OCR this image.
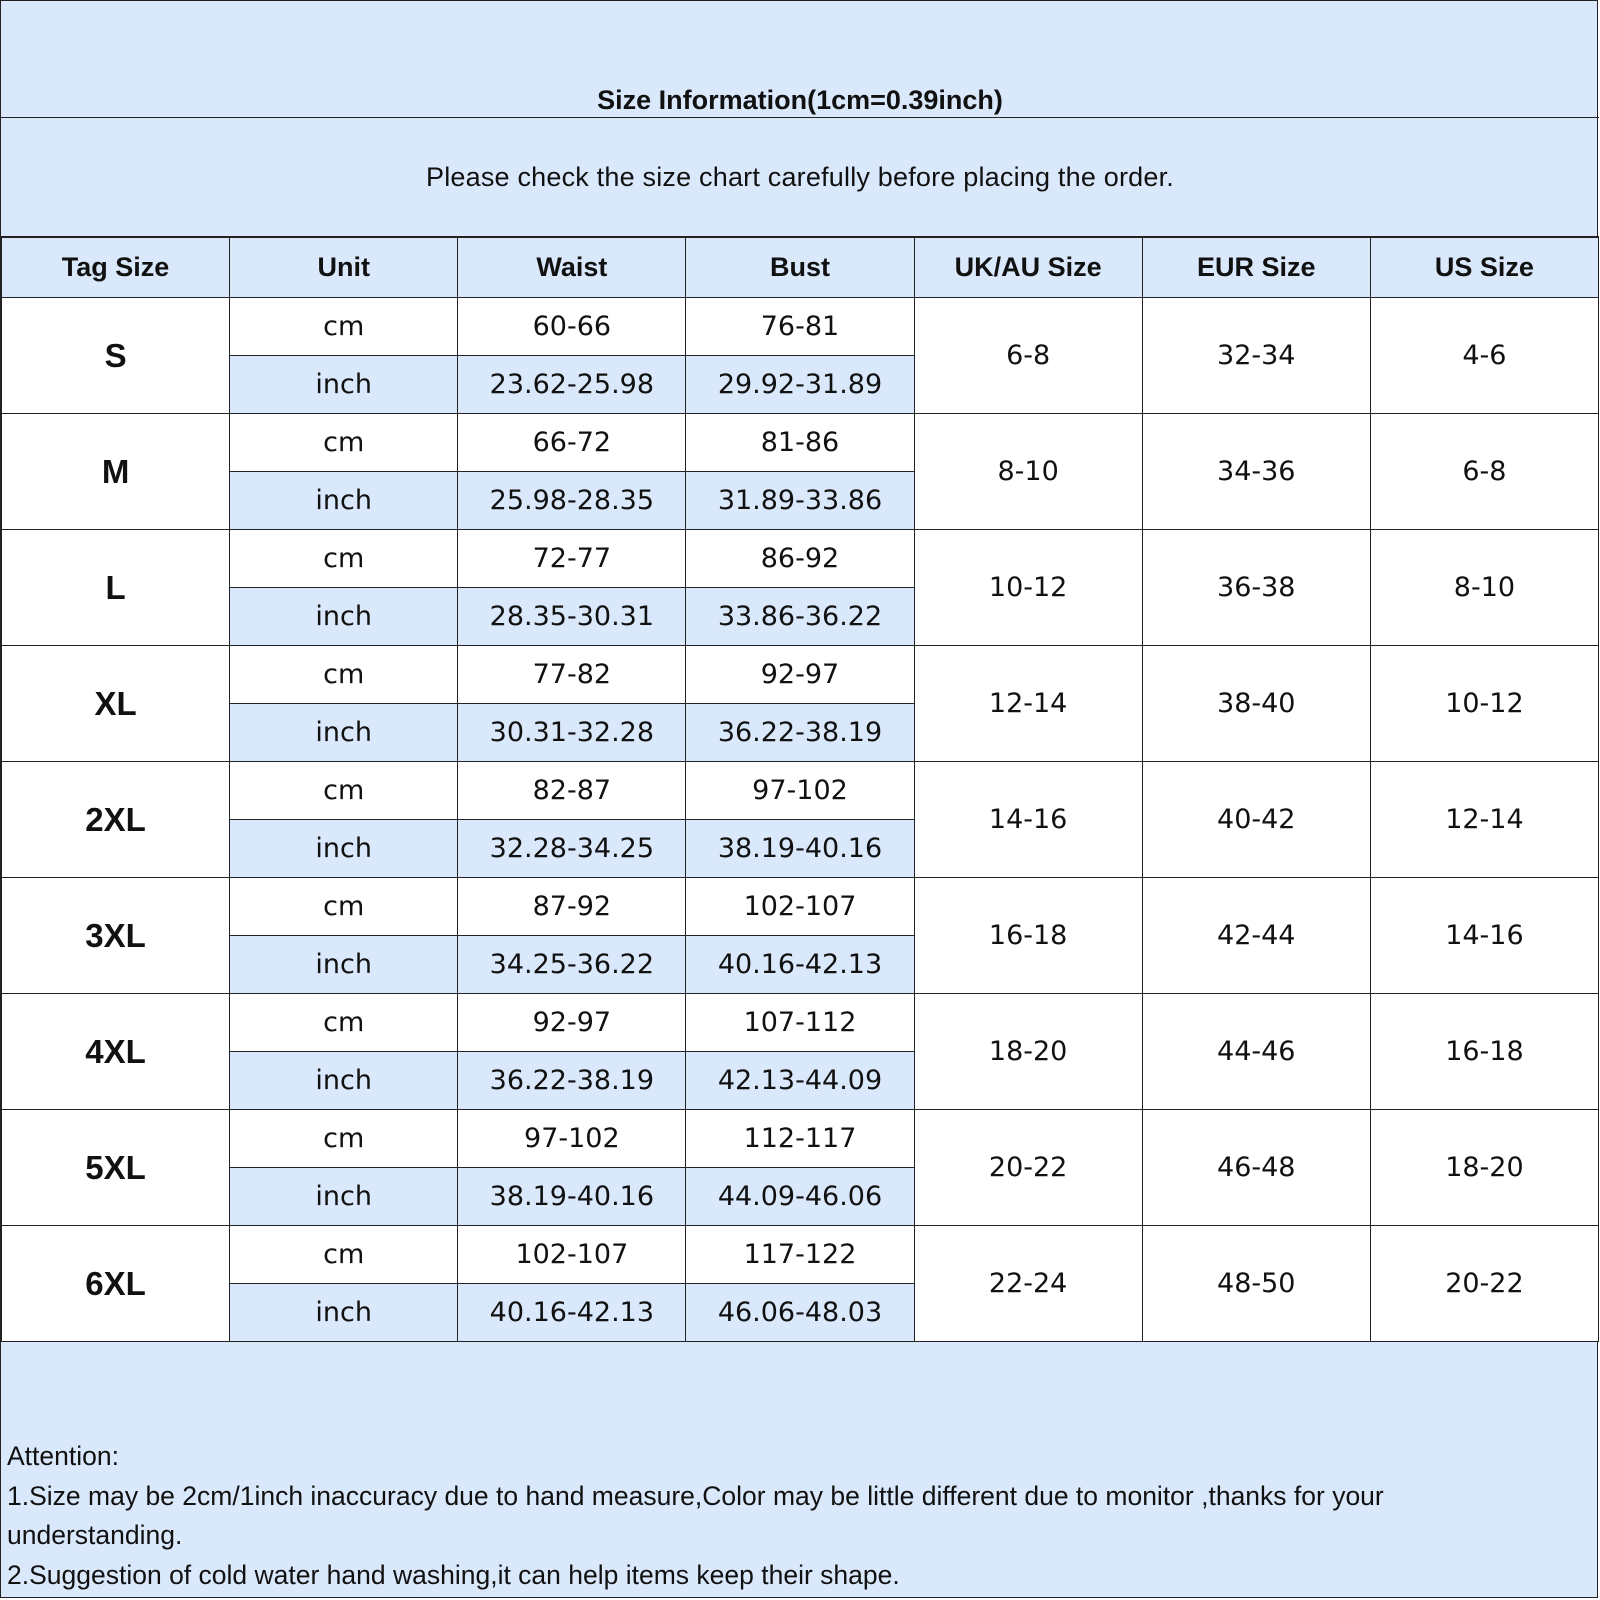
Size Information(1cm=0.39inch)
Please check the size chart carefully before placing the order.
Tag Size	Unit	Waist	Bust	UK/AU Size	EUR Size	US Size
S	cm	60-66	76-81	6-8	32-34	4-6
	inch	23.62-25.98	29.92-31.89			
M	cm	66-72	81-86	8-10	34-36	6-8
	inch	25.98-28.35	31.89-33.86			
L	cm	72-77	86-92	10-12	36-38	8-10
	inch	28.35-30.31	33.86-36.22			
XL	cm	77-82	92-97	12-14	38-40	10-12
	inch	30.31-32.28	36.22-38.19			
2XL	cm	82-87	97-102	14-16	40-42	12-14
	inch	32.28-34.25	38.19-40.16			
3XL	cm	87-92	102-107	16-18	42-44	14-16
	inch	34.25-36.22	40.16-42.13			
4XL	cm	92-97	107-112	18-20	44-46	16-18
	inch	36.22-38.19	42.13-44.09			
5XL	cm	97-102	112-117	20-22	46-48	18-20
	inch	38.19-40.16	44.09-46.06			
6XL	cm	102-107	117-122	22-24	48-50	20-22
	inch	40.16-42.13	46.06-48.03			
Attention:
1.Size may be 2cm/1inch inaccuracy due to hand measure,Color may be little different due to monitor ,thanks for your
understanding.
2.Suggestion of cold water hand washing,it can help items keep their shape.
